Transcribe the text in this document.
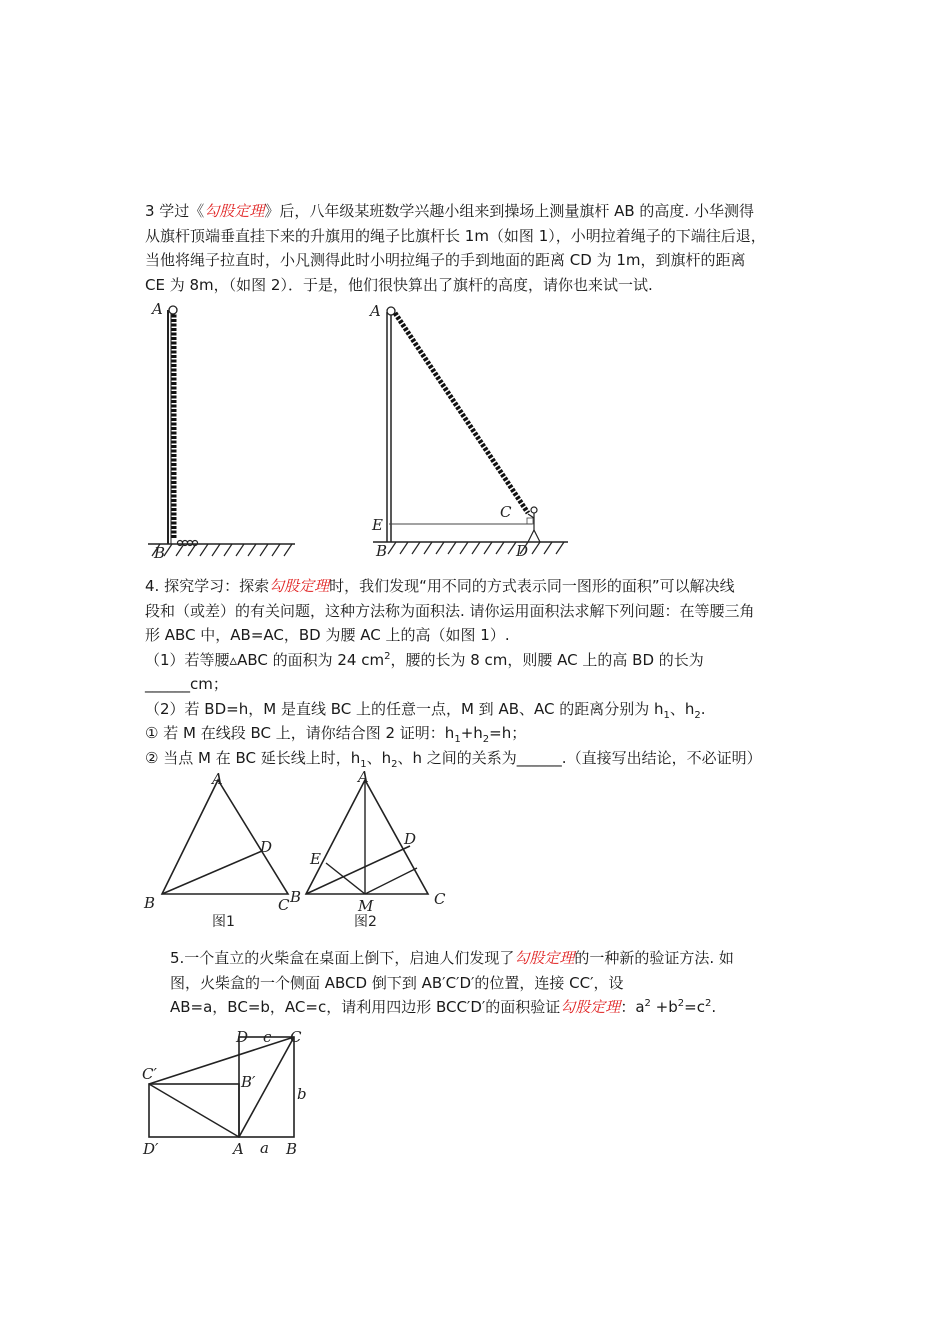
3 学过《勾股定理》后，八年级某班数学兴趣小组来到操场上测量旗杆 AB 的高度. 小华测得

从旗杆顶端垂直挂下来的升旗用的绳子比旗杆长 1m（如图 1），小明拉着绳子的下端往后退，

当他将绳子拉直时，小凡测得此时小明拉绳子的手到地面的距离 CD 为 1m，到旗杆的距离

CE 为 8m，（如图 2）．于是，他们很快算出了旗杆的高度，请你也来试一试.

A
B
A
E
B
C
D

4. 探究学习：探索勾股定理时，我们发现“用不同的方式表示同一图形的面积”可以解决线

段和（或差）的有关问题，这种方法称为面积法. 请你运用面积法求解下列问题：在等腰三角

形 ABC 中，AB=AC，BD 为腰 AC 上的高（如图 1）.

（1）若等腰▵ABC 的面积为 24 $cm^2$，腰的长为 8 cm，则腰 AC 上的高 BD 的长为

______cm；

（2）若 BD=h，M 是直线 BC 上的任意一点，M 到 AB、AC 的距离分别为 $h_1$、$h_2$.

① 若 M 在线段 BC 上，请你结合图 2 证明：$h_1+h_2=h$；

② 当点 M 在 BC 延长线上时，$h_1$、$h_2$、h 之间的关系为______.（直接写出结论，不必证明）

A
B	C
D
图1
A
B	C
D
E
M
图2

5.一个直立的火柴盒在桌面上倒下，启迪人们发现了勾股定理的一种新的验证方法. 如

图，火柴盒的一个侧面 ABCD 倒下到 AB′C′D′的位置，连接 CC′，设

AB=a，BC=b，AC=c，请利用四边形 BCC′D′的面积验证勾股定理：$a^2 +b^2=c^2$.

D c C
C′	B′
b
D′	A a B
